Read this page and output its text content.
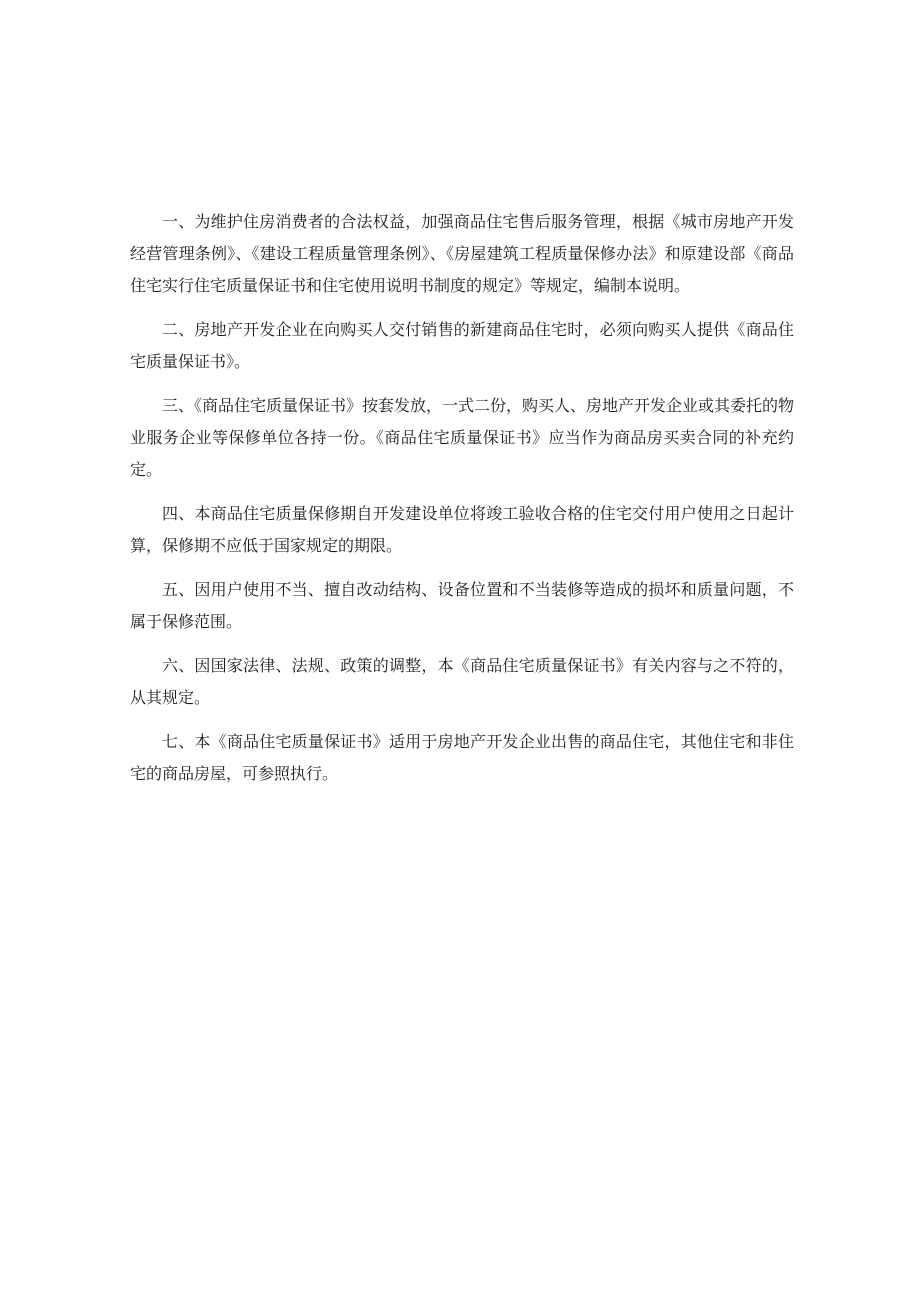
一、为维护住房消费者的合法权益，加强商品住宅售后服务管理，根据《城市房地产开发经营管理条例》、《建设工程质量管理条例》、《房屋建筑工程质量保修办法》和原建设部《商品住宅实行住宅质量保证书和住宅使用说明书制度的规定》等规定，编制本说明。

二、房地产开发企业在向购买人交付销售的新建商品住宅时，必须向购买人提供《商品住宅质量保证书》。

三、《商品住宅质量保证书》按套发放，一式二份，购买人、房地产开发企业或其委托的物业服务企业等保修单位各持一份。《商品住宅质量保证书》应当作为商品房买卖合同的补充约定。

四、本商品住宅质量保修期自开发建设单位将竣工验收合格的住宅交付用户使用之日起计算，保修期不应低于国家规定的期限。

五、因用户使用不当、擅自改动结构、设备位置和不当装修等造成的损坏和质量问题，不属于保修范围。

六、因国家法律、法规、政策的调整，本《商品住宅质量保证书》有关内容与之不符的，从其规定。

七、本《商品住宅质量保证书》适用于房地产开发企业出售的商品住宅，其他住宅和非住宅的商品房屋，可参照执行。
